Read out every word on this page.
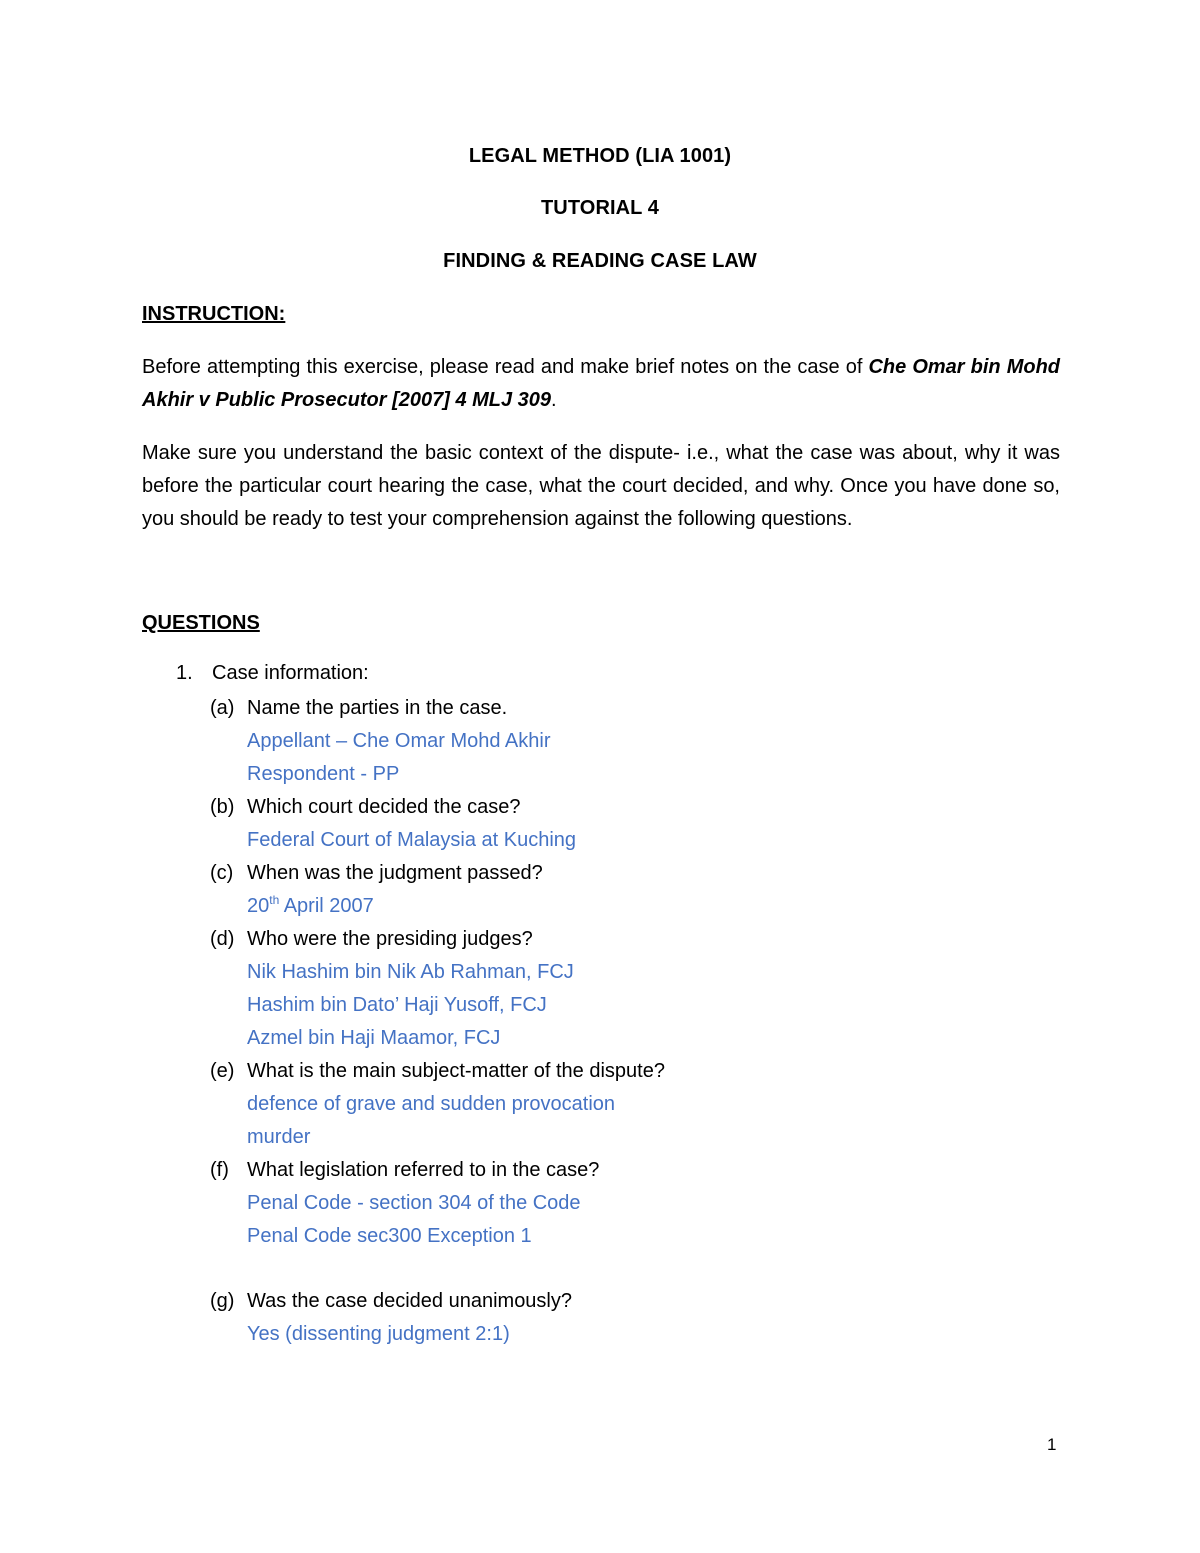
LEGAL METHOD (LIA 1001)
TUTORIAL 4
FINDING & READING CASE LAW
INSTRUCTION:
Before attempting this exercise, please read and make brief notes on the case of Che Omar bin Mohd Akhir v Public Prosecutor [2007] 4 MLJ 309.
Make sure you understand the basic context of the dispute- i.e., what the case was about, why it was before the particular court hearing the case, what the court decided, and why. Once you have done so, you should be ready to test your comprehension against the following questions.
QUESTIONS
1. Case information:
(a) Name the parties in the case.
Appellant – Che Omar Mohd Akhir
Respondent - PP
(b) Which court decided the case?
Federal Court of Malaysia at Kuching
(c) When was the judgment passed?
20th April 2007
(d) Who were the presiding judges?
Nik Hashim bin Nik Ab Rahman, FCJ
Hashim bin Dato’ Haji Yusoff, FCJ
Azmel bin Haji Maamor, FCJ
(e) What is the main subject-matter of the dispute?
defence of grave and sudden provocation
murder
(f) What legislation referred to in the case?
Penal Code - section 304 of the Code
Penal Code sec300 Exception 1
(g) Was the case decided unanimously?
Yes (dissenting judgment 2:1)
1
